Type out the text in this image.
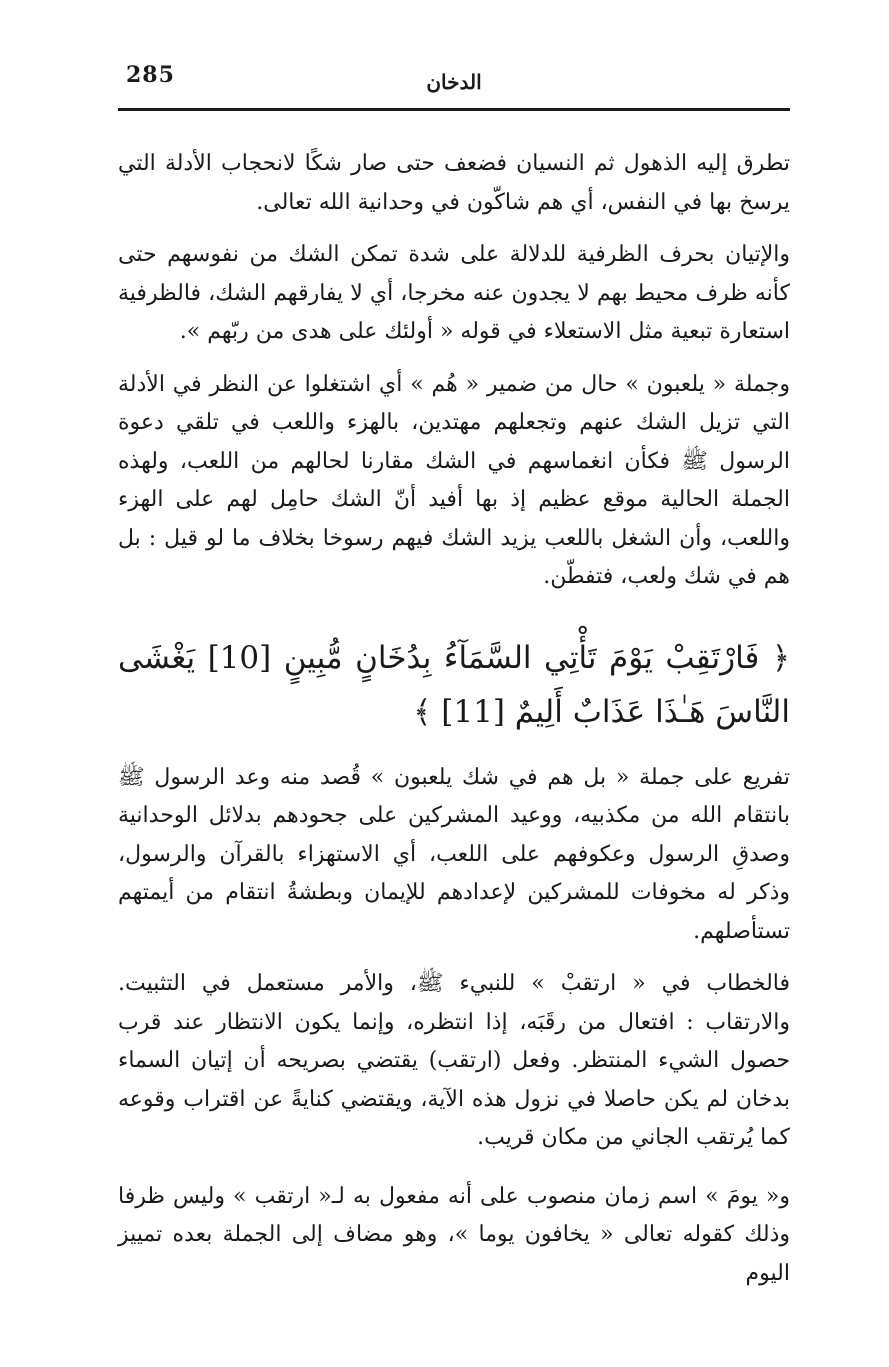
285	الدخان

تطرق إليه الذهول ثم النسيان فضعف حتى صار شكًا لانحجاب الأدلة التي يرسخ بها في النفس، أي هم شاكّون في وحدانية الله تعالى.

والإتيان بحرف الظرفية للدلالة على شدة تمكن الشك من نفوسهم حتى كأنه ظرف محيط بهم لا يجدون عنه مخرجا، أي لا يفارقهم الشك، فالظرفية استعارة تبعية مثل الاستعلاء في قوله « أولئك على هدى من ربّهم ».

وجملة « يلعبون » حال من ضمير « هُم » أي اشتغلوا عن النظر في الأدلة التي تزيل الشك عنهم وتجعلهم مهتدين، بالهزء واللعب في تلقي دعوة الرسول ﷺ فكأن انغماسهم في الشك مقارنا لحالهم من اللعب، ولهذه الجملة الحالية موقع عظيم إذ بها أفيد أنّ الشك حامِل لهم على الهزء واللعب، وأن الشغل باللعب يزيد الشك فيهم رسوخا بخلاف ما لو قيل : بل هم في شك ولعب، فتفطّن.

﴿ فَارْتَقِبْ يَوْمَ تَأْتِي السَّمَآءُ بِدُخَانٍ مُّبِينٍ [10] يَغْشَى النَّاسَ هَـٰذَا عَذَابٌ أَلِيمٌ [11] ﴾

تفريع على جملة « بل هم في شك يلعبون » قُصد منه وعد الرسول ﷺ بانتقام الله من مكذبيه، ووعيد المشركين على جحودهم بدلائل الوحدانية وصدقِ الرسول وعكوفهم على اللعب، أي الاستهزاء بالقرآن والرسول، وذكر له مخوفات للمشركين لإعدادهم للإيمان وبطشةُ انتقام من أيمتهم تستأصلهم.

فالخطاب في « ارتقبْ » للنبيء ﷺ، والأمر مستعمل في التثبيت. والارتقاب : افتعال من رقَبَه، إذا انتظره، وإنما يكون الانتظار عند قرب حصول الشيء المنتظر. وفعل (ارتقب) يقتضي بصريحه أن إتيان السماء بدخان لم يكن حاصلا في نزول هذه الآية، ويقتضي كنايةً عن اقتراب وقوعه كما يُرتقب الجاني من مكان قريب.

و« يومَ » اسم زمان منصوب على أنه مفعول به لـ« ارتقب » وليس ظرفا وذلك كقوله تعالى « يخافون يوما »، وهو مضاف إلى الجملة بعده تمييز اليوم
